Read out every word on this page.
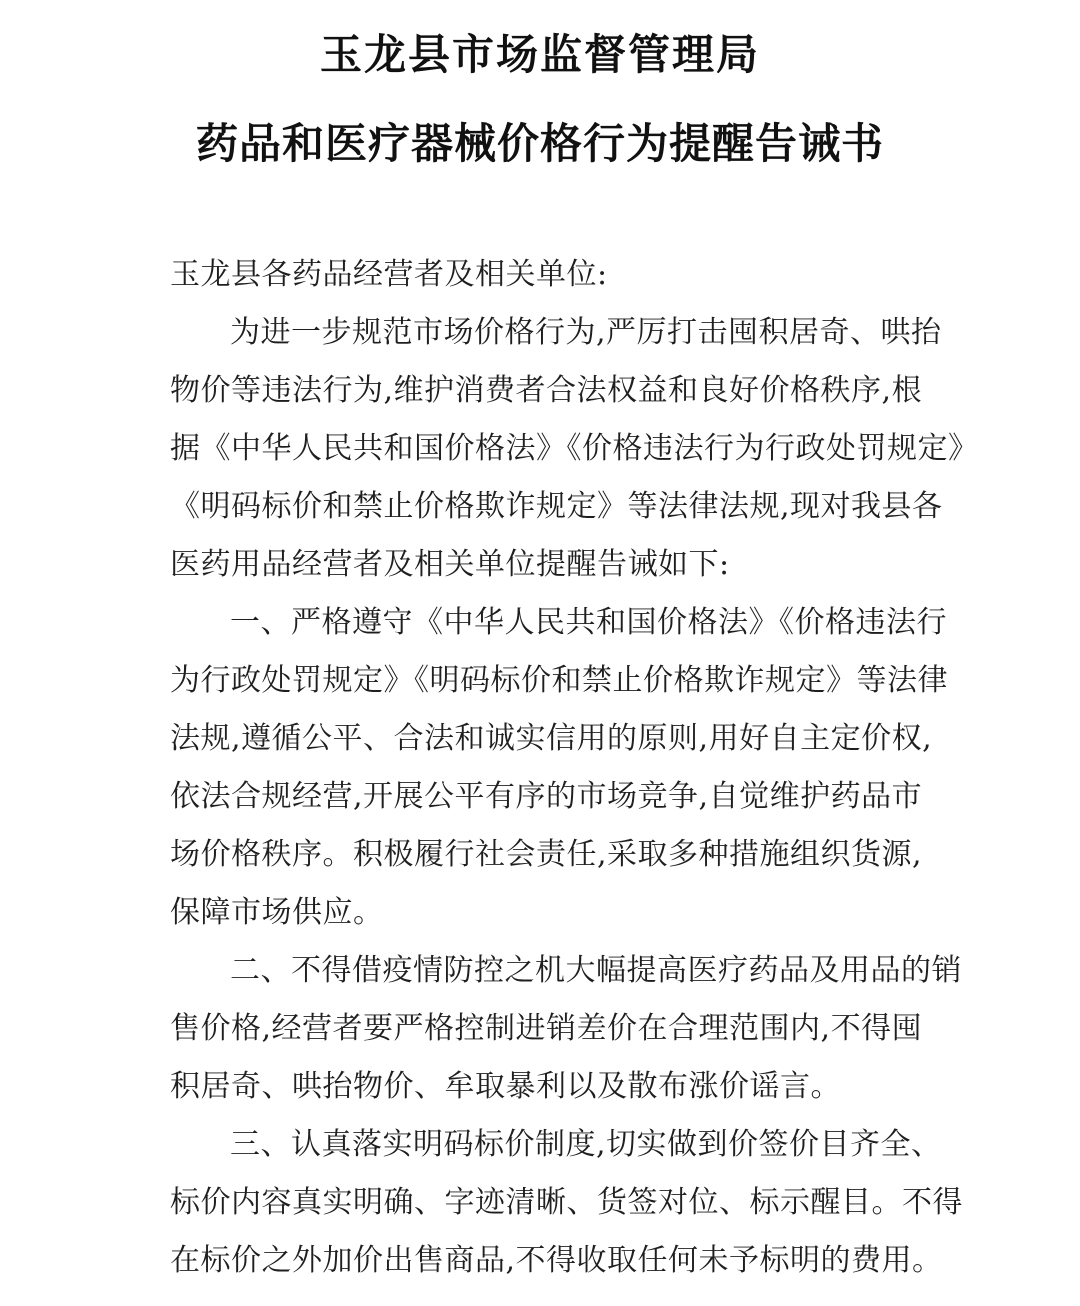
玉龙县市场监督管理局
药品和医疗器械价格行为提醒告诫书
玉龙县各药品经营者及相关单位:
为进一步规范市场价格行为,严厉打击囤积居奇、哄抬
物价等违法行为,维护消费者合法权益和良好价格秩序,根
据《中华人民共和国价格法》《价格违法行为行政处罚规定》
《明码标价和禁止价格欺诈规定》等法律法规,现对我县各
医药用品经营者及相关单位提醒告诫如下:
一、严格遵守《中华人民共和国价格法》《价格违法行
为行政处罚规定》《明码标价和禁止价格欺诈规定》等法律
法规,遵循公平、合法和诚实信用的原则,用好自主定价权,
依法合规经营,开展公平有序的市场竞争,自觉维护药品市
场价格秩序。积极履行社会责任,采取多种措施组织货源,
保障市场供应。
二、不得借疫情防控之机大幅提高医疗药品及用品的销
售价格,经营者要严格控制进销差价在合理范围内,不得囤
积居奇、哄抬物价、牟取暴利以及散布涨价谣言。
三、认真落实明码标价制度,切实做到价签价目齐全、
标价内容真实明确、字迹清晰、货签对位、标示醒目。不得
在标价之外加价出售商品,不得收取任何未予标明的费用。
